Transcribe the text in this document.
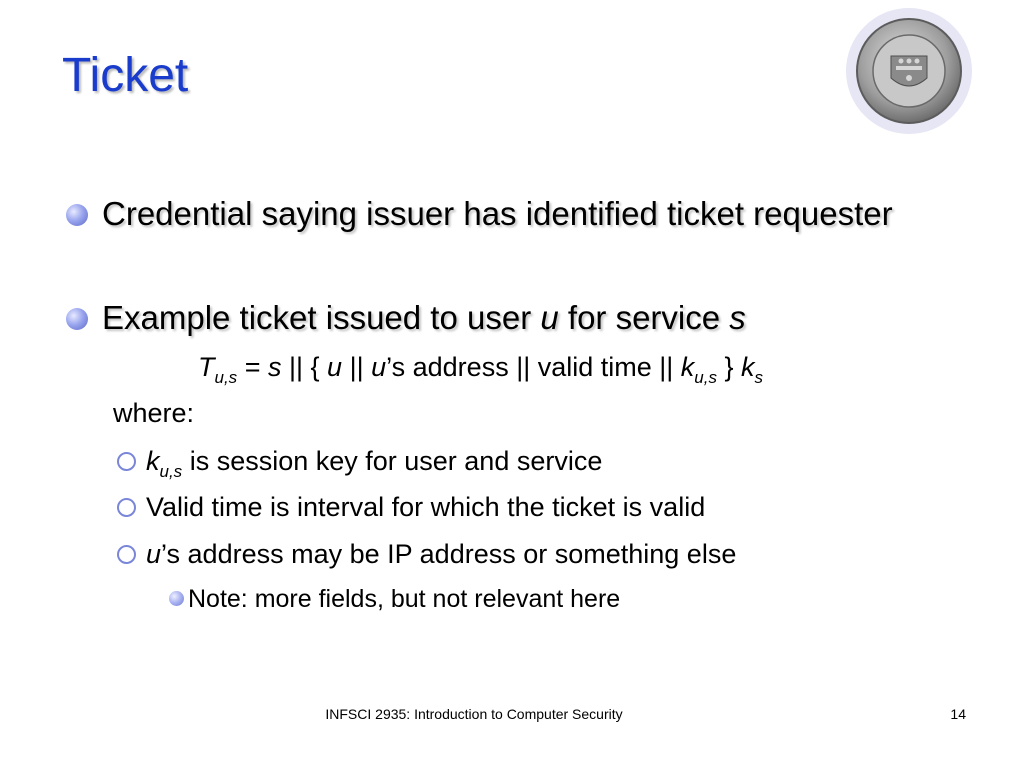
Ticket
Credential saying issuer has identified ticket requester
Example ticket issued to user u for service s
$T_{u,s} = s$ || { u || u’s address || valid time || $k_{u,s}$ } $k_s$
where:
$k_{u,s}$ is session key for user and service
Valid time is interval for which the ticket is valid
u’s address may be IP address or something else
Note: more fields, but not relevant here
INFSCI 2935: Introduction to Computer Security	14
